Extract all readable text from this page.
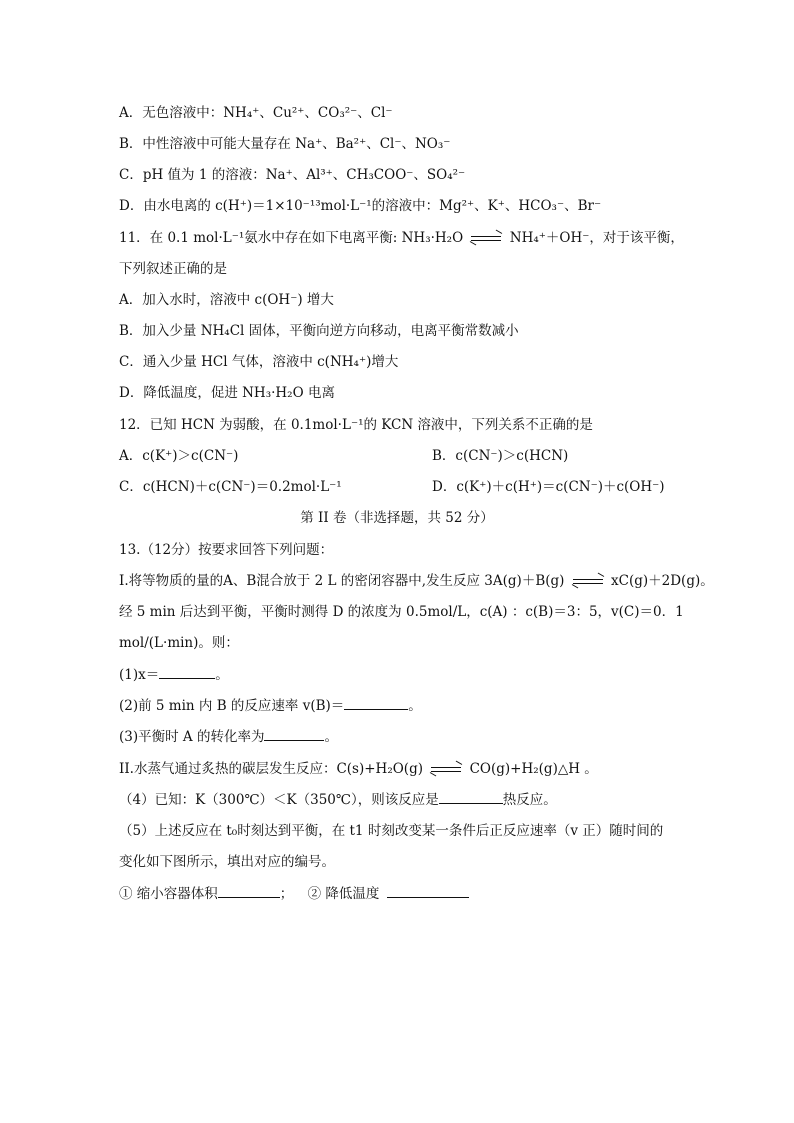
A．无色溶液中：NH₄⁺、Cu²⁺、CO₃²⁻、Cl⁻
B．中性溶液中可能大量存在 Na⁺、Ba²⁺、Cl⁻、NO₃⁻
C．pH 值为 1 的溶液：Na⁺、Al³⁺、CH₃COO⁻、SO₄²⁻
D．由水电离的 c(H⁺)＝1×10⁻¹³mol·L⁻¹的溶液中：Mg²⁺、K⁺、HCO₃⁻、Br⁻
11．在 0.1 mol·L⁻¹氨水中存在如下电离平衡: NH₃·H₂O	NH₄⁺＋OH⁻，对于该平衡，
下列叙述正确的是
A．加入水时，溶液中 c(OH⁻) 增大
B．加入少量 NH₄Cl 固体，平衡向逆方向移动，电离平衡常数减小
C．通入少量 HCl 气体，溶液中 c(NH₄⁺)增大
D．降低温度，促进 NH₃·H₂O 电离
12．已知 HCN 为弱酸，在 0.1mol·L⁻¹的 KCN 溶液中，下列关系不正确的是
A．c(K⁺)＞c(CN⁻)	B．c(CN⁻)＞c(HCN)
C．c(HCN)＋c(CN⁻)＝0.2mol·L⁻¹	D．c(K⁺)＋c(H⁺)＝c(CN⁻)＋c(OH⁻)
第 II 卷（非选择题，共 52 分）
13.（12分）按要求回答下列问题：
I.将等物质的量的A、B混合放于 2 L 的密闭容器中,发生反应 3A(g)＋B(g)	xC(g)＋2D(g)。
经 5 min 后达到平衡，平衡时测得 D 的浓度为 0.5mol/L，c(A) ：c(B)＝3：5，v(C)＝0．1
mol/(L·min)。则：
(1)x＝	。
(2)前 5 min 内 B 的反应速率 v(B)＝	。
(3)平衡时 A 的转化率为	。
II.水蒸气通过炙热的碳层发生反应：C(s)+H₂O(g)	CO(g)+H₂(g)△H 。
（4）已知：K（300℃）＜K（350℃），则该反应是	热反应。
（5）上述反应在 t₀时刻达到平衡，在 t1 时刻改变某一条件后正反应速率（v 正）随时间的
变化如下图所示，填出对应的编号。
① 缩小容器体积	； ② 降低温度
